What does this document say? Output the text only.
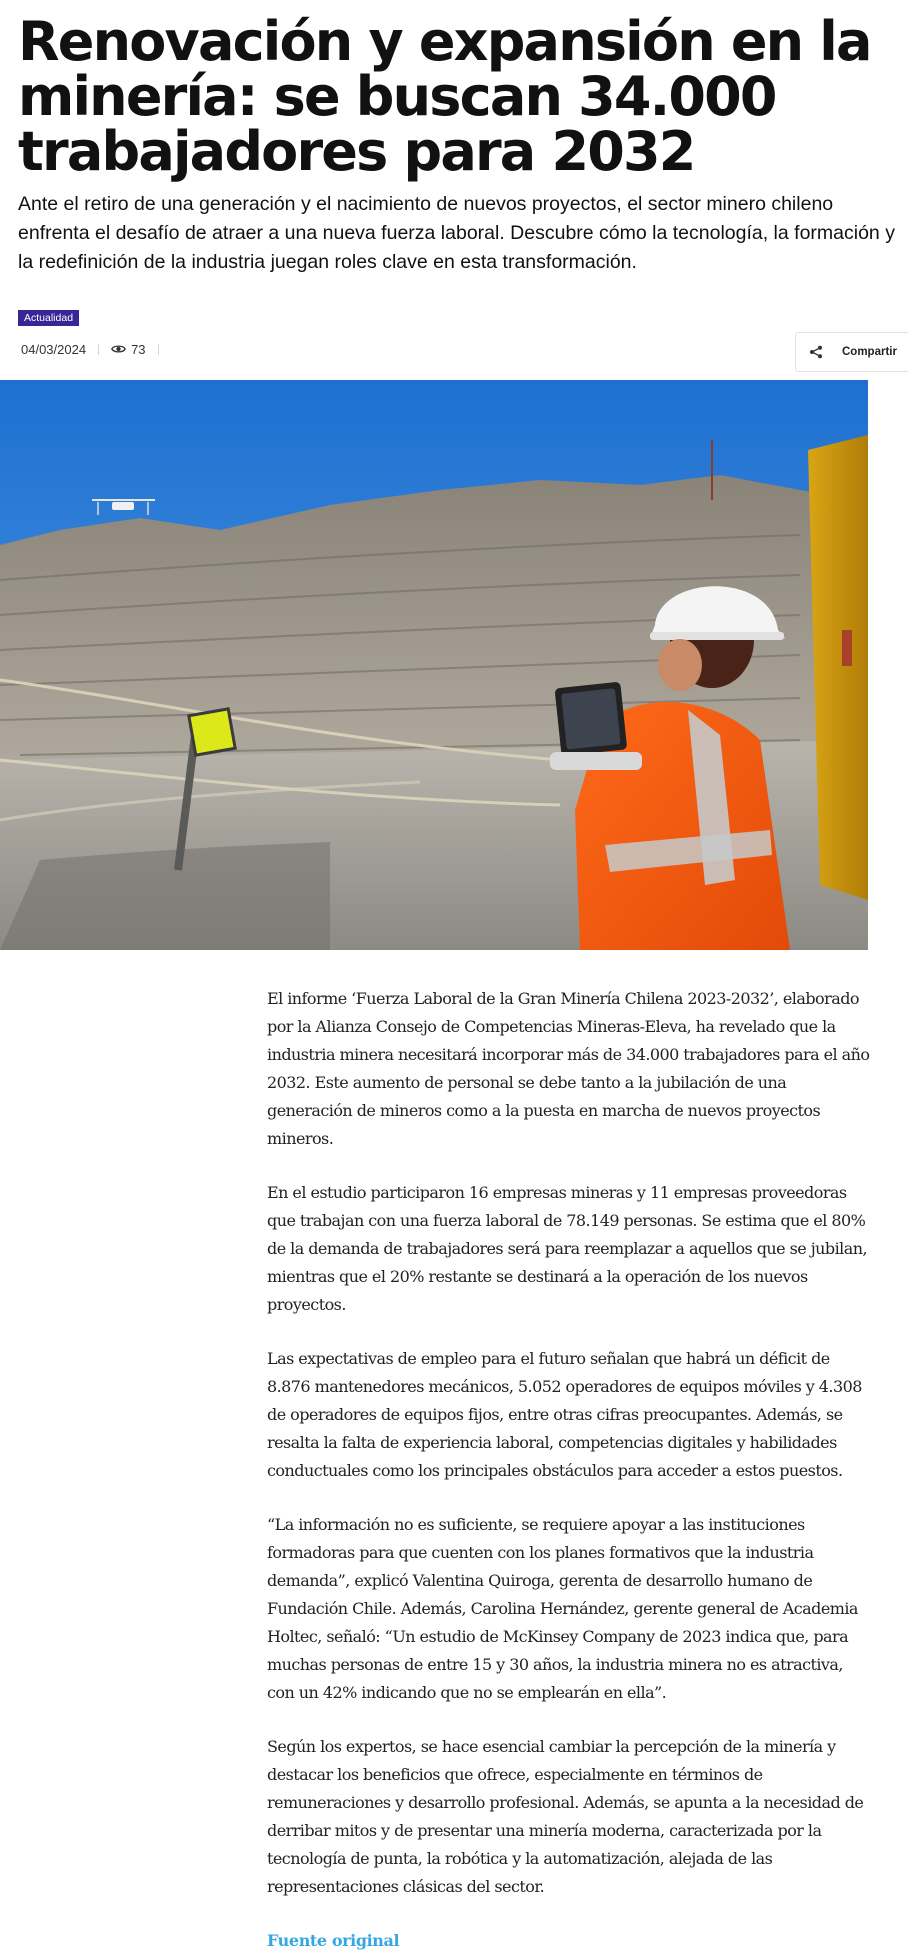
Renovación y expansión en la minería: se buscan 34.000 trabajadores para 2032

Ante el retiro de una generación y el nacimiento de nuevos proyectos, el sector minero chileno enfrenta el desafío de atraer a una nueva fuerza laboral. Descubre cómo la tecnología, la formación y la redefinición de la industria juegan roles clave en esta transformación.

Actualidad
04/03/2024	73	Compartir

El informe ‘Fuerza Laboral de la Gran Minería Chilena 2023-2032’, elaborado por la Alianza Consejo de Competencias Mineras-Eleva, ha revelado que la industria minera necesitará incorporar más de 34.000 trabajadores para el año 2032. Este aumento de personal se debe tanto a la jubilación de una generación de mineros como a la puesta en marcha de nuevos proyectos mineros.

En el estudio participaron 16 empresas mineras y 11 empresas proveedoras que trabajan con una fuerza laboral de 78.149 personas. Se estima que el 80% de la demanda de trabajadores será para reemplazar a aquellos que se jubilan, mientras que el 20% restante se destinará a la operación de los nuevos proyectos.

Las expectativas de empleo para el futuro señalan que habrá un déficit de 8.876 mantenedores mecánicos, 5.052 operadores de equipos móviles y 4.308 de operadores de equipos fijos, entre otras cifras preocupantes. Además, se resalta la falta de experiencia laboral, competencias digitales y habilidades conductuales como los principales obstáculos para acceder a estos puestos.

“La información no es suficiente, se requiere apoyar a las instituciones formadoras para que cuenten con los planes formativos que la industria demanda”, explicó Valentina Quiroga, gerenta de desarrollo humano de Fundación Chile. Además, Carolina Hernández, gerente general de Academia Holtec, señaló: “Un estudio de McKinsey Company de 2023 indica que, para muchas personas de entre 15 y 30 años, la industria minera no es atractiva, con un 42% indicando que no se emplearán en ella”.

Según los expertos, se hace esencial cambiar la percepción de la minería y destacar los beneficios que ofrece, especialmente en términos de remuneraciones y desarrollo profesional. Además, se apunta a la necesidad de derribar mitos y de presentar una minería moderna, caracterizada por la tecnología de punta, la robótica y la automatización, alejada de las representaciones clásicas del sector.

Fuente original
